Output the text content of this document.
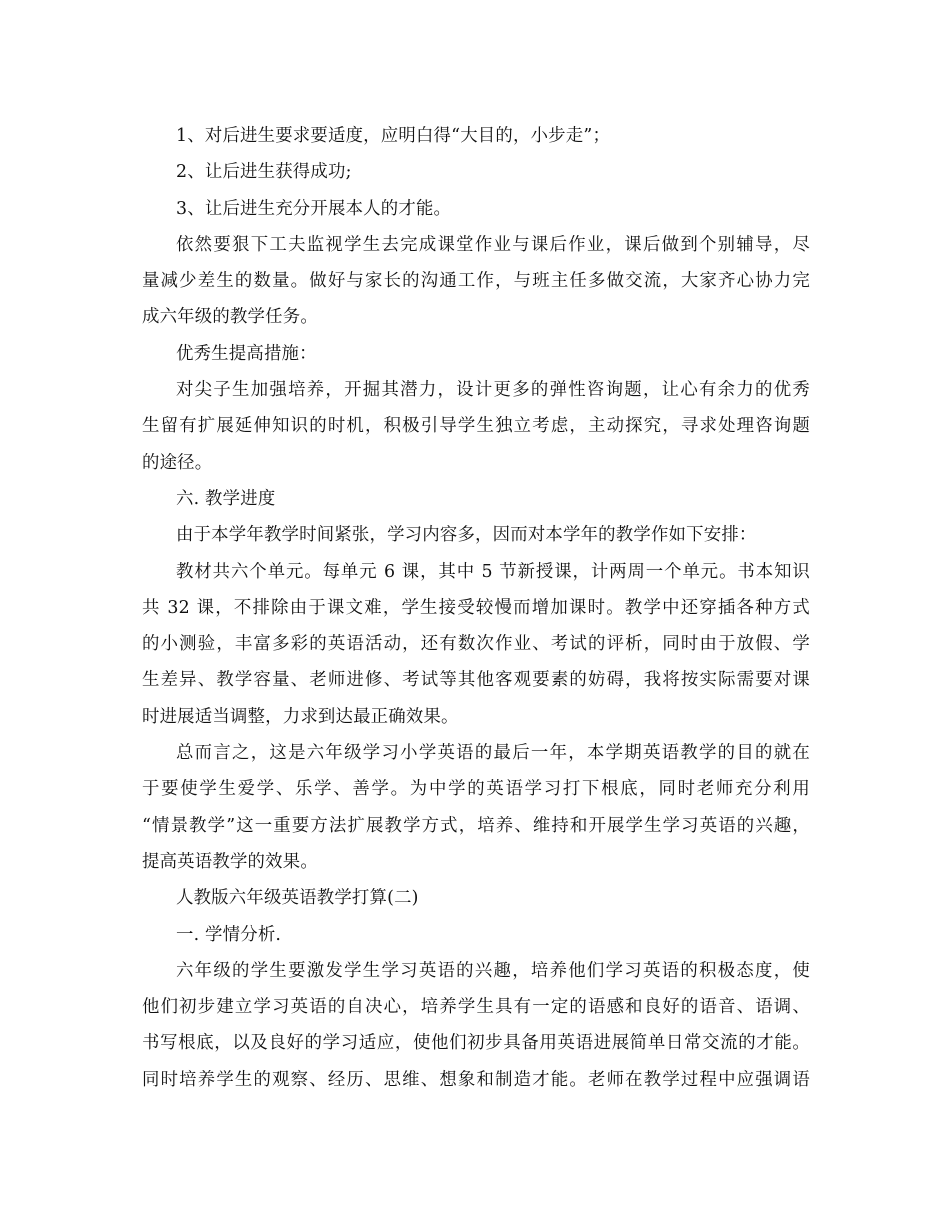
1、对后进生要求要适度，应明白得“大目的，小步走”；
2、让后进生获得成功;
3、让后进生充分开展本人的才能。
依然要狠下工夫监视学生去完成课堂作业与课后作业，课后做到个别辅导，尽
量减少差生的数量。做好与家长的沟通工作，与班主任多做交流，大家齐心协力完
成六年级的教学任务。
优秀生提高措施：
对尖子生加强培养，开掘其潜力，设计更多的弹性咨询题，让心有余力的优秀
生留有扩展延伸知识的时机，积极引导学生独立考虑，主动探究，寻求处理咨询题
的途径。
六. 教学进度
由于本学年教学时间紧张，学习内容多，因而对本学年的教学作如下安排：
教材共六个单元。每单元 6 课，其中 5 节新授课，计两周一个单元。书本知识
共 32 课，不排除由于课文难，学生接受较慢而增加课时。教学中还穿插各种方式
的小测验，丰富多彩的英语活动，还有数次作业、考试的评析，同时由于放假、学
生差异、教学容量、老师进修、考试等其他客观要素的妨碍，我将按实际需要对课
时进展适当调整，力求到达最正确效果。
总而言之，这是六年级学习小学英语的最后一年，本学期英语教学的目的就在
于要使学生爱学、乐学、善学。为中学的英语学习打下根底，同时老师充分利用
“情景教学”这一重要方法扩展教学方式，培养、维持和开展学生学习英语的兴趣，
提高英语教学的效果。
人教版六年级英语教学打算(二)
一. 学情分析.
六年级的学生要激发学生学习英语的兴趣，培养他们学习英语的积极态度，使
他们初步建立学习英语的自决心，培养学生具有一定的语感和良好的语音、语调、
书写根底，以及良好的学习适应，使他们初步具备用英语进展简单日常交流的才能。
同时培养学生的观察、经历、思维、想象和制造才能。老师在教学过程中应强调语
